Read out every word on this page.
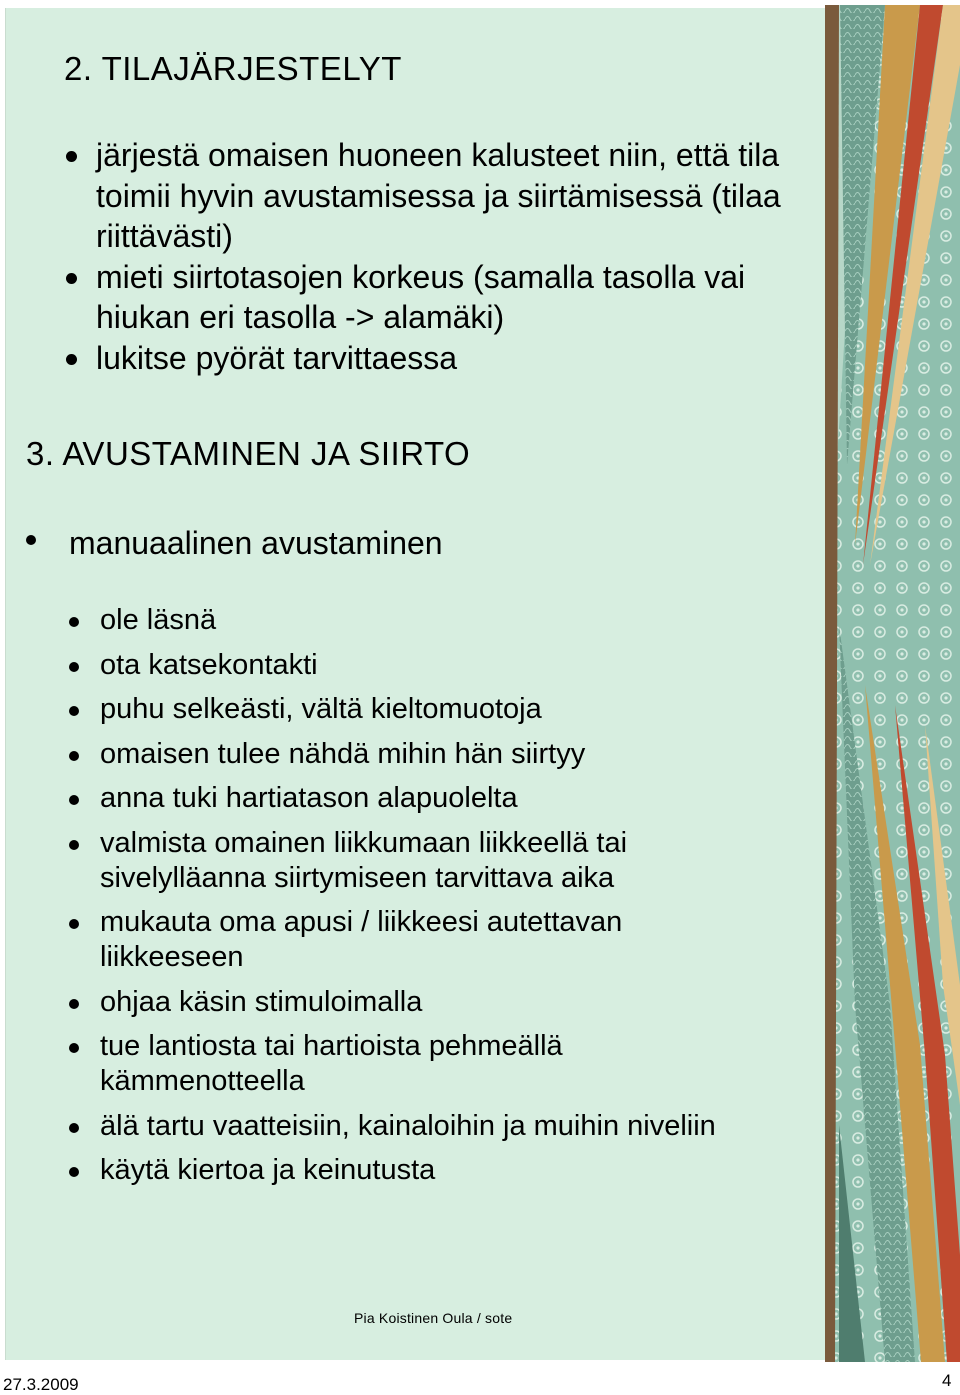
2. TILAJÄRJESTELYT
järjestä omaisen huoneen kalusteet niin, että tila toimii hyvin avustamisessa ja siirtämisessä (tilaa riittävästi)
mieti siirtotasojen korkeus (samalla tasolla vai hiukan eri tasolla -> alamäki)
lukitse pyörät tarvittaessa
3. AVUSTAMINEN JA SIIRTO
manuaalinen avustaminen
ole läsnä
ota katsekontakti
puhu selkeästi, vältä kieltomuotoja
omaisen tulee nähdä mihin hän siirtyy
anna tuki hartiatason alapuolelta
valmista omainen liikkumaan liikkeellä tai sivelylläanna siirtymiseen tarvittava aika
mukauta oma apusi / liikkeesi autettavan liikkeeseen
ohjaa käsin stimuloimalla
tue lantiosta tai hartioista pehmeällä kämmenotteella
älä tartu vaatteisiin, kainaloihin ja muihin niveliin
käytä kiertoa ja keinutusta
Pia Koistinen Oula / sote
27.3.2009	4
